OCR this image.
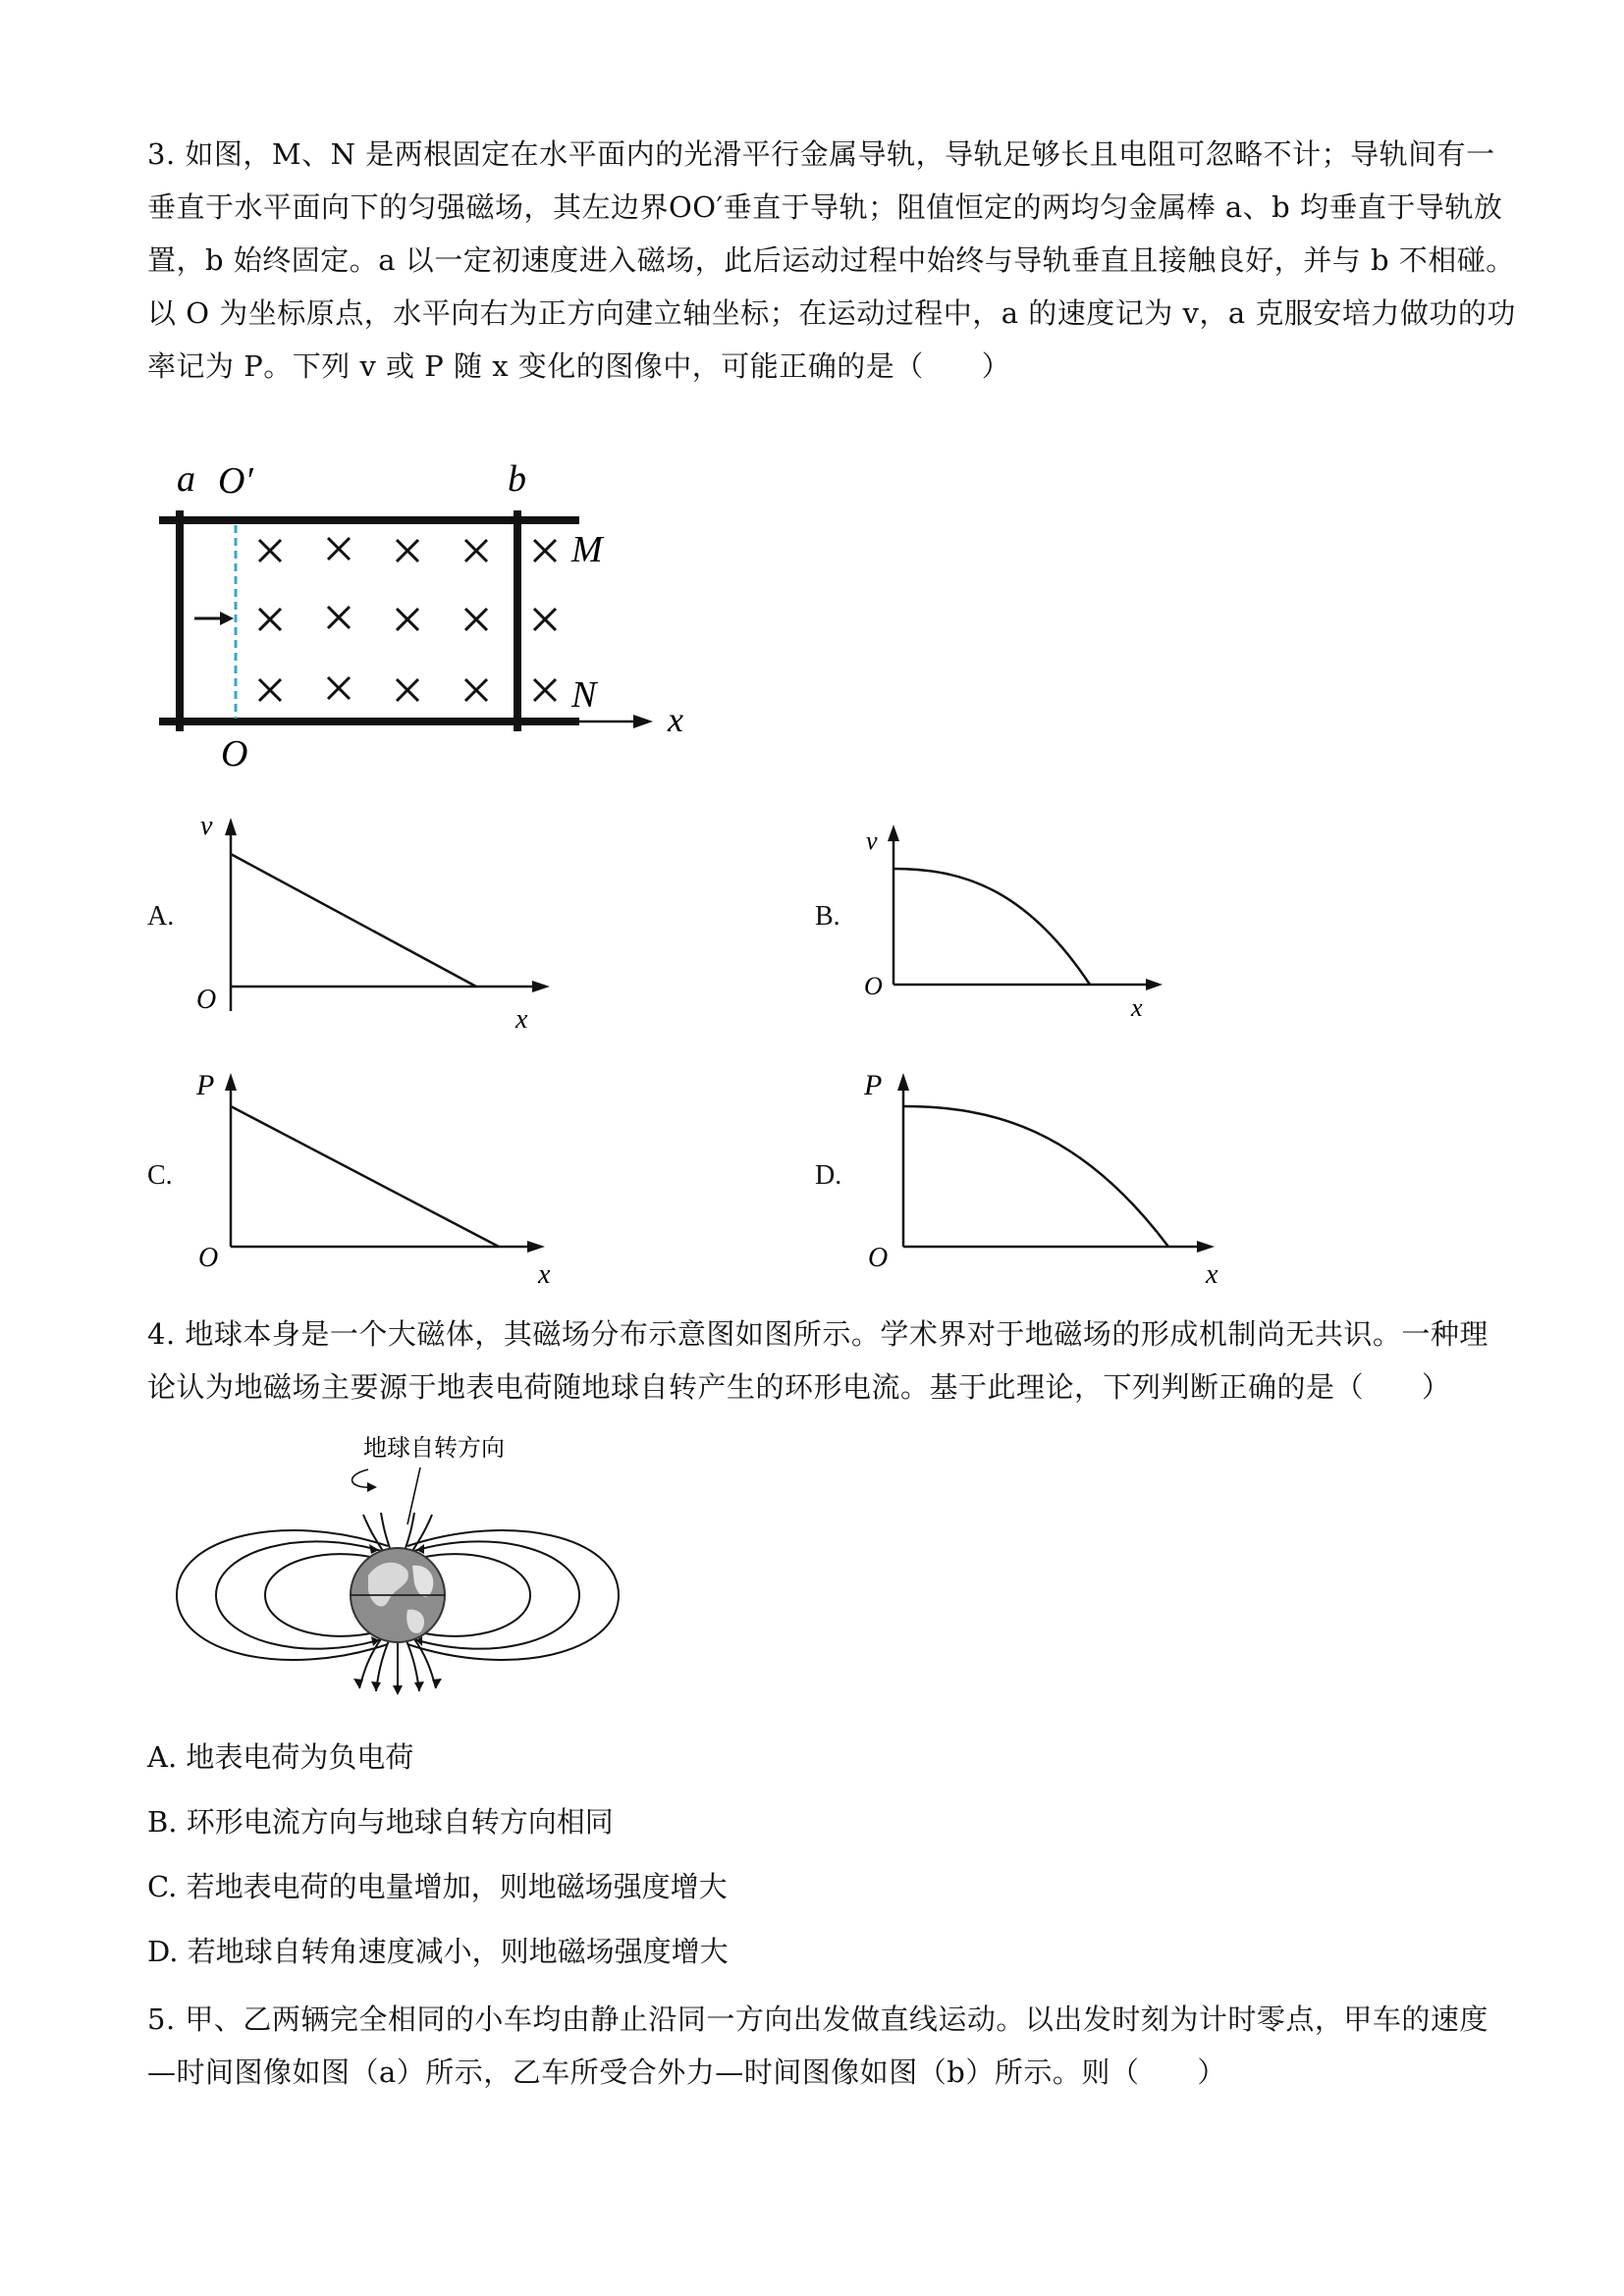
3. 如图，M、N 是两根固定在水平面内的光滑平行金属导轨，导轨足够长且电阻可忽略不计；导轨间有一
垂直于水平面向下的匀强磁场，其左边界OO′垂直于导轨；阻值恒定的两均匀金属棒 a、b 均垂直于导轨放
置，b 始终固定。a 以一定初速度进入磁场，此后运动过程中始终与导轨垂直且接触良好，并与 b 不相碰。
以 O 为坐标原点，水平向右为正方向建立轴坐标；在运动过程中，a 的速度记为 v，a 克服安培力做功的功
率记为 P。下列 v 或 P 随 x 变化的图像中，可能正确的是（　　）
a O′	b
M
N
x
O
A.
v
O
x
B.
v
O
x
C.
P
O
x
D.
P
O
x
4. 地球本身是一个大磁体，其磁场分布示意图如图所示。学术界对于地磁场的形成机制尚无共识。一种理
论认为地磁场主要源于地表电荷随地球自转产生的环形电流。基于此理论，下列判断正确的是（　　）
地球自转方向
A. 地表电荷为负电荷
B. 环形电流方向与地球自转方向相同
C. 若地表电荷的电量增加，则地磁场强度增大
D. 若地球自转角速度减小，则地磁场强度增大
5. 甲、乙两辆完全相同的小车均由静止沿同一方向出发做直线运动。以出发时刻为计时零点，甲车的速度
—时间图像如图（a）所示，乙车所受合外力—时间图像如图（b）所示。则（　　）
